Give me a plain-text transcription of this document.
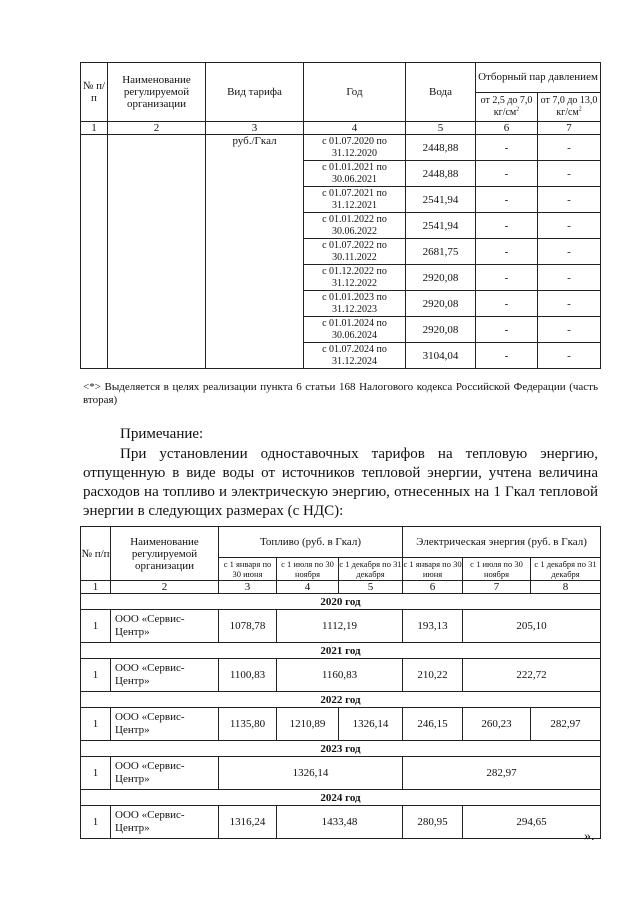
№ п/п	Наименование регулируемой организации	Вид тарифа	Год	Вода	Отборный пар давлением	
					от 2,5 до 7,0 $кг/см^2$	от 7,0 до 13,0 $кг/см^2$
1	2	3	4	5	6	7
		руб./Гкал	с 01.07.2020 по 31.12.2020	2448,88	-	-
			с 01.01.2021 по 30.06.2021	2448,88	-	-
			с 01.07.2021 по 31.12.2021	2541,94	-	-
			с 01.01.2022 по 30.06.2022	2541,94	-	-
			с 01.07.2022 по 30.11.2022	2681,75	-	-
			с 01.12.2022 по 31.12.2022	2920,08	-	-
			с 01.01.2023 по 31.12.2023	2920,08	-	-
			с 01.01.2024 по 30.06.2024	2920,08	-	-
			с 01.07.2024 по 31.12.2024	3104,04	-	-
<*> Выделяется в целях реализации пункта 6 статьи 168 Налогового кодекса Российской Федерации (часть вторая)
Примечание:
При установлении одноставочных тарифов на тепловую энергию, отпущенную в виде воды от источников тепловой энергии, учтена величина расходов на топливо и электрическую энергию, отнесенных на 1 Гкал тепловой энергии в следующих размерах (с НДС):
№ п/п	Наименование регулируемой организации	Топливо (руб. в Гкал)			Электрическая энергия (руб. в Гкал)		
		с 1 января по 30 июня	с 1 июля по 30 ноября	с 1 декабря по 31 декабря	с 1 января по 30 июня	с 1 июля по 30 ноября	с 1 декабря по 31 декабря
1	2	3	4	5	6	7	8
2020 год							
1	ООО «Сервис-Центр»	1078,78	1112,19		193,13	205,10	
2021 год							
1	ООО «Сервис-Центр»	1100,83	1160,83		210,22	222,72	
2022 год							
1	ООО «Сервис-Центр»	1135,80	1210,89	1326,14	246,15	260,23	282,97
2023 год							
1	ООО «Сервис-Центр»	1326,14			282,97		
2024 год							
1	ООО «Сервис-Центр»	1316,24	1433,48		280,95	294,65	
».
